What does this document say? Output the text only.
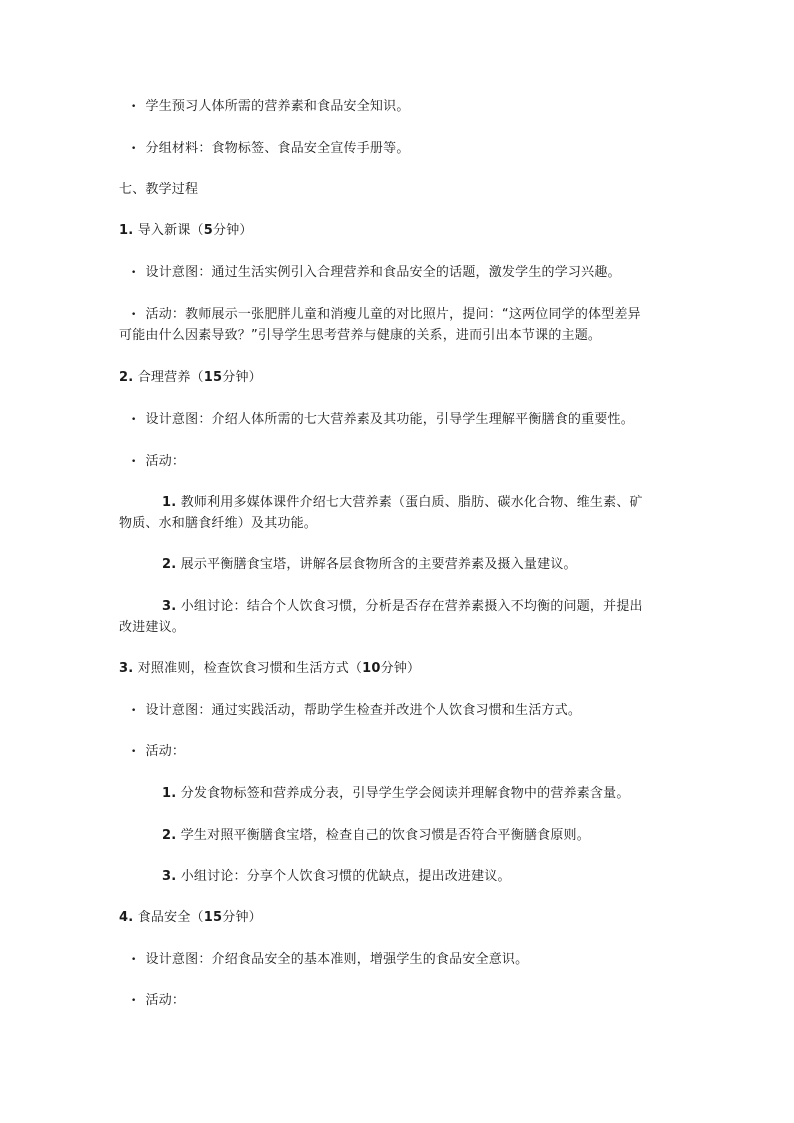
• 学生预习人体所需的营养素和食品安全知识。
• 分组材料：食物标签、食品安全宣传手册等。
七、教学过程
1. 导入新课（5分钟）
• 设计意图：通过生活实例引入合理营养和食品安全的话题，激发学生的学习兴趣。
• 活动：教师展示一张肥胖儿童和消瘦儿童的对比照片，提问：“这两位同学的体型差异
可能由什么因素导致？”引导学生思考营养与健康的关系，进而引出本节课的主题。
2. 合理营养（15分钟）
• 设计意图：介绍人体所需的七大营养素及其功能，引导学生理解平衡膳食的重要性。
• 活动：
1. 教师利用多媒体课件介绍七大营养素（蛋白质、脂肪、碳水化合物、维生素、矿
物质、水和膳食纤维）及其功能。
2. 展示平衡膳食宝塔，讲解各层食物所含的主要营养素及摄入量建议。
3. 小组讨论：结合个人饮食习惯，分析是否存在营养素摄入不均衡的问题，并提出
改进建议。
3. 对照准则，检查饮食习惯和生活方式（10分钟）
• 设计意图：通过实践活动，帮助学生检查并改进个人饮食习惯和生活方式。
• 活动：
1. 分发食物标签和营养成分表，引导学生学会阅读并理解食物中的营养素含量。
2. 学生对照平衡膳食宝塔，检查自己的饮食习惯是否符合平衡膳食原则。
3. 小组讨论：分享个人饮食习惯的优缺点，提出改进建议。
4. 食品安全（15分钟）
• 设计意图：介绍食品安全的基本准则，增强学生的食品安全意识。
• 活动：
